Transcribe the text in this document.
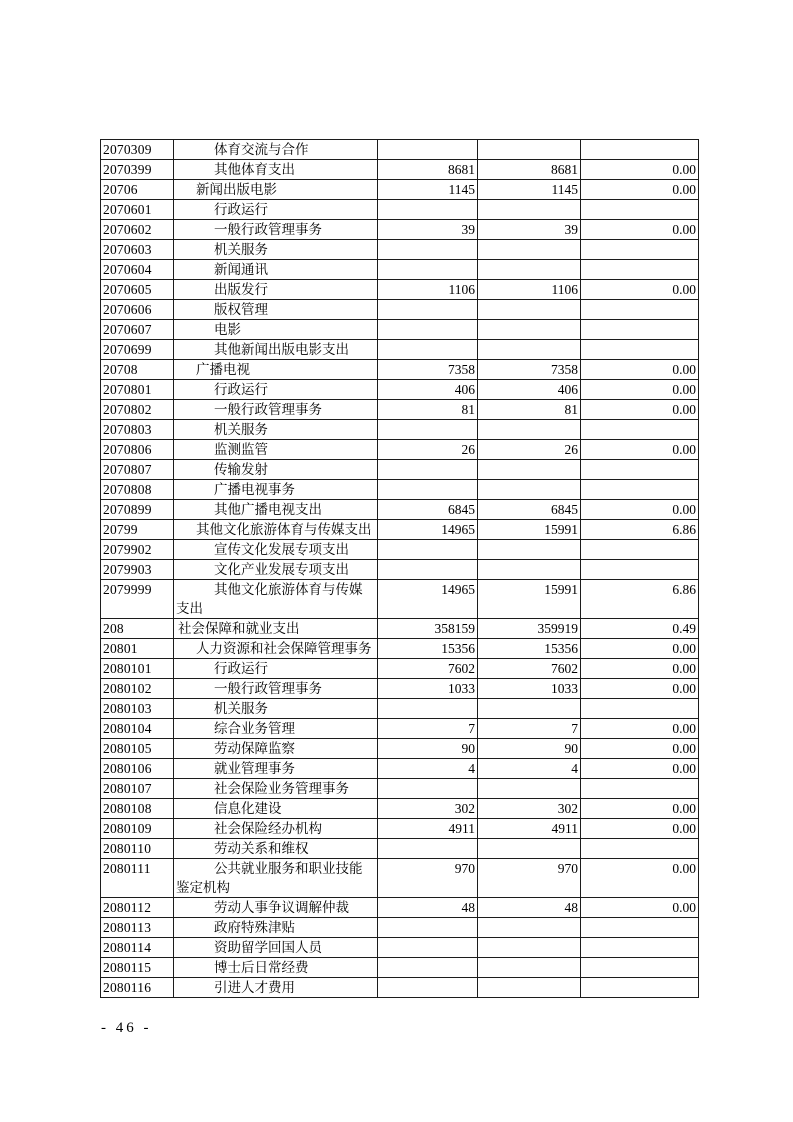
2070309	体育交流与合作			
2070399	其他体育支出	8681	8681	0.00
20706	新闻出版电影	1145	1145	0.00
2070601	行政运行			
2070602	一般行政管理事务	39	39	0.00
2070603	机关服务			
2070604	新闻通讯			
2070605	出版发行	1106	1106	0.00
2070606	版权管理			
2070607	电影			
2070699	其他新闻出版电影支出			
20708	广播电视	7358	7358	0.00
2070801	行政运行	406	406	0.00
2070802	一般行政管理事务	81	81	0.00
2070803	机关服务			
2070806	监测监管	26	26	0.00
2070807	传输发射			
2070808	广播电视事务			
2070899	其他广播电视支出	6845	6845	0.00
20799	其他文化旅游体育与传媒支出	14965	15991	6.86
2079902	宣传文化发展专项支出			
2079903	文化产业发展专项支出			
2079999	其他文化旅游体育与传媒支出	14965	15991	6.86
208	社会保障和就业支出	358159	359919	0.49
20801	人力资源和社会保障管理事务	15356	15356	0.00
2080101	行政运行	7602	7602	0.00
2080102	一般行政管理事务	1033	1033	0.00
2080103	机关服务			
2080104	综合业务管理	7	7	0.00
2080105	劳动保障监察	90	90	0.00
2080106	就业管理事务	4	4	0.00
2080107	社会保险业务管理事务			
2080108	信息化建设	302	302	0.00
2080109	社会保险经办机构	4911	4911	0.00
2080110	劳动关系和维权			
2080111	公共就业服务和职业技能鉴定机构	970	970	0.00
2080112	劳动人事争议调解仲裁	48	48	0.00
2080113	政府特殊津贴			
2080114	资助留学回国人员			
2080115	博士后日常经费			
2080116	引进人才费用			
- 46 -
